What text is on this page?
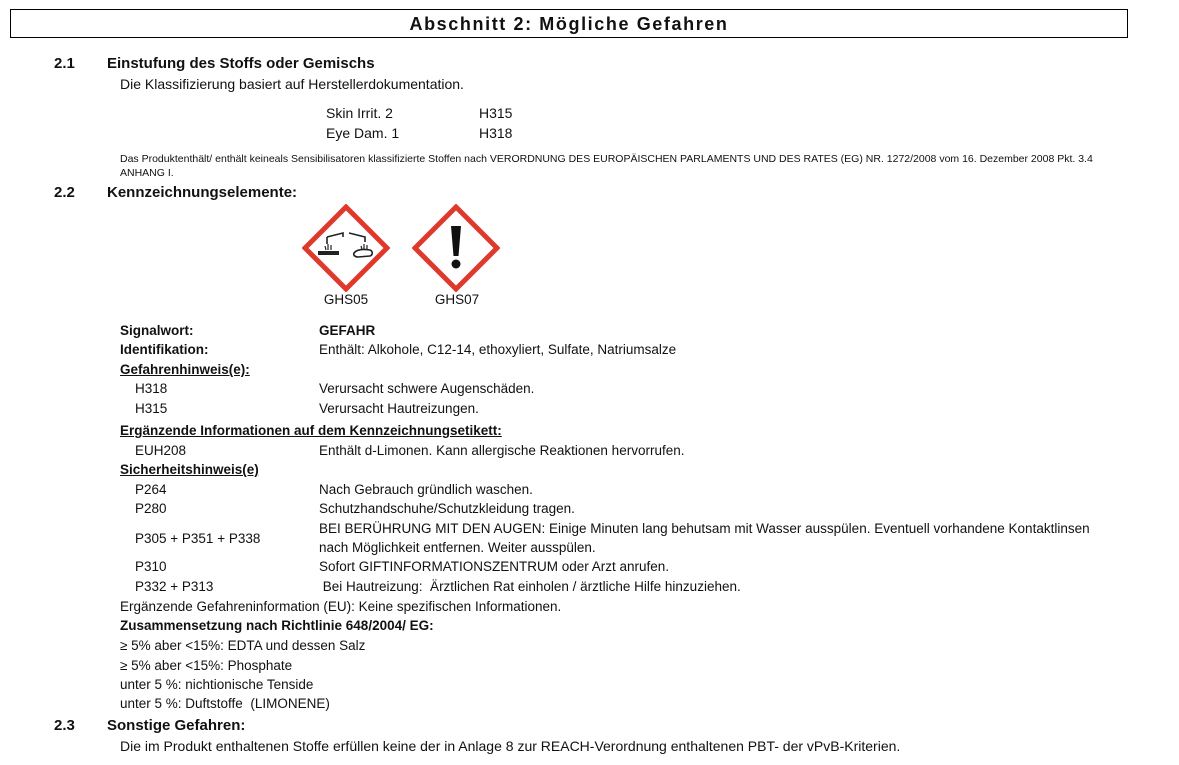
Abschnitt 2: Mögliche Gefahren
2.1 Einstufung des Stoffs oder Gemischs
Die Klassifizierung basiert auf Herstellerdokumentation.
Skin Irrit. 2	H315
Eye Dam. 1	H318
Das Produktenthält/ enthält keineals Sensibilisatoren klassifizierte Stoffen nach VERORDNUNG DES EUROPÄISCHEN PARLAMENTS UND DES RATES (EG) NR. 1272/2008 vom 16. Dezember 2008 Pkt. 3.4
ANHANG I.
2.2 Kennzeichnungselemente:
GHS05	GHS07
Signalwort:	GEFAHR
Identifikation:	Enthält: Alkohole, C12-14, ethoxyliert, Sulfate, Natriumsalze
Gefahrenhinweis(e):
H318	Verursacht schwere Augenschäden.
H315	Verursacht Hautreizungen.
Ergänzende Informationen auf dem Kennzeichnungsetikett:
EUH208	Enthält d-Limonen. Kann allergische Reaktionen hervorrufen.
Sicherheitshinweis(e)
P264	Nach Gebrauch gründlich waschen.
P280	Schutzhandschuhe/Schutzkleidung tragen.
P305 + P351 + P338
BEI BERÜHRUNG MIT DEN AUGEN: Einige Minuten lang behutsam mit Wasser ausspülen. Eventuell vorhandene Kontaktlinsen
nach Möglichkeit entfernen. Weiter ausspülen.
P310	Sofort GIFTINFORMATIONSZENTRUM oder Arzt anrufen.
P332 + P313	Bei Hautreizung:  Ärztlichen Rat einholen / ärztliche Hilfe hinzuziehen.
Ergänzende Gefahreninformation (EU): Keine spezifischen Informationen.
Zusammensetzung nach Richtlinie 648/2004/ EG:
≥ 5% aber <15%: EDTA und dessen Salz
≥ 5% aber <15%: Phosphate
unter 5 %: nichtionische Tenside
unter 5 %: Duftstoffe  (LIMONENE)
2.3 Sonstige Gefahren:
Die im Produkt enthaltenen Stoffe erfüllen keine der in Anlage 8 zur REACH-Verordnung enthaltenen PBT- der vPvB-Kriterien.
